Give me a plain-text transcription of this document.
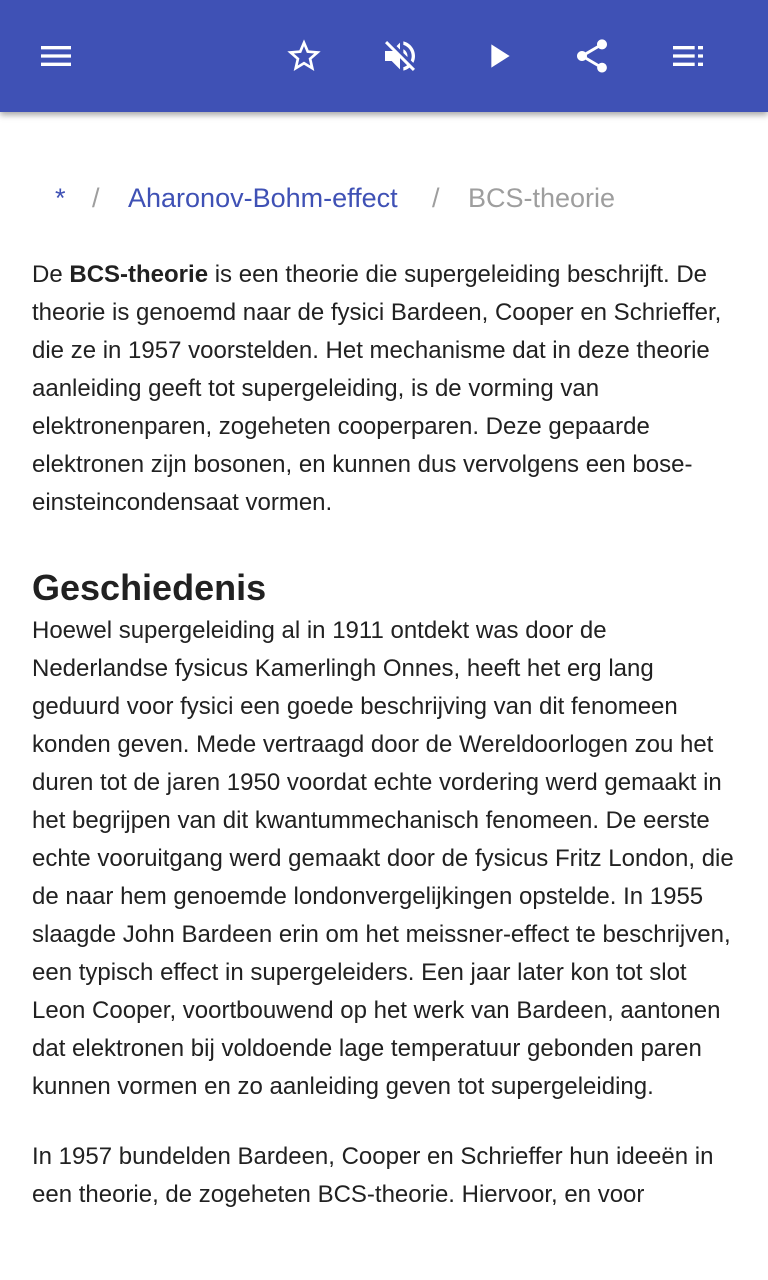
* / Aharonov-Bohm-effect / BCS-theorie

De BCS-theorie is een theorie die supergeleiding beschrijft. De theorie is genoemd naar de fysici Bardeen, Cooper en Schrieffer, die ze in 1957 voorstelden. Het mechanisme dat in deze theorie aanleiding geeft tot supergeleiding, is de vorming van elektronenparen, zogeheten cooperparen. Deze gepaarde elektronen zijn bosonen, en kunnen dus vervolgens een bose-einsteincondensaat vormen.

Geschiedenis

Hoewel supergeleiding al in 1911 ontdekt was door de Nederlandse fysicus Kamerlingh Onnes, heeft het erg lang geduurd voor fysici een goede beschrijving van dit fenomeen konden geven. Mede vertraagd door de Wereldoorlogen zou het duren tot de jaren 1950 voordat echte vordering werd gemaakt in het begrijpen van dit kwantummechanisch fenomeen. De eerste echte vooruitgang werd gemaakt door de fysicus Fritz London, die de naar hem genoemde londonvergelijkingen opstelde. In 1955 slaagde John Bardeen erin om het meissner-effect te beschrijven, een typisch effect in supergeleiders. Een jaar later kon tot slot Leon Cooper, voortbouwend op het werk van Bardeen, aantonen dat elektronen bij voldoende lage temperatuur gebonden paren kunnen vormen en zo aanleiding geven tot supergeleiding.

In 1957 bundelden Bardeen, Cooper en Schrieffer hun ideeën in een theorie, de zogeheten BCS-theorie. Hiervoor, en voor
